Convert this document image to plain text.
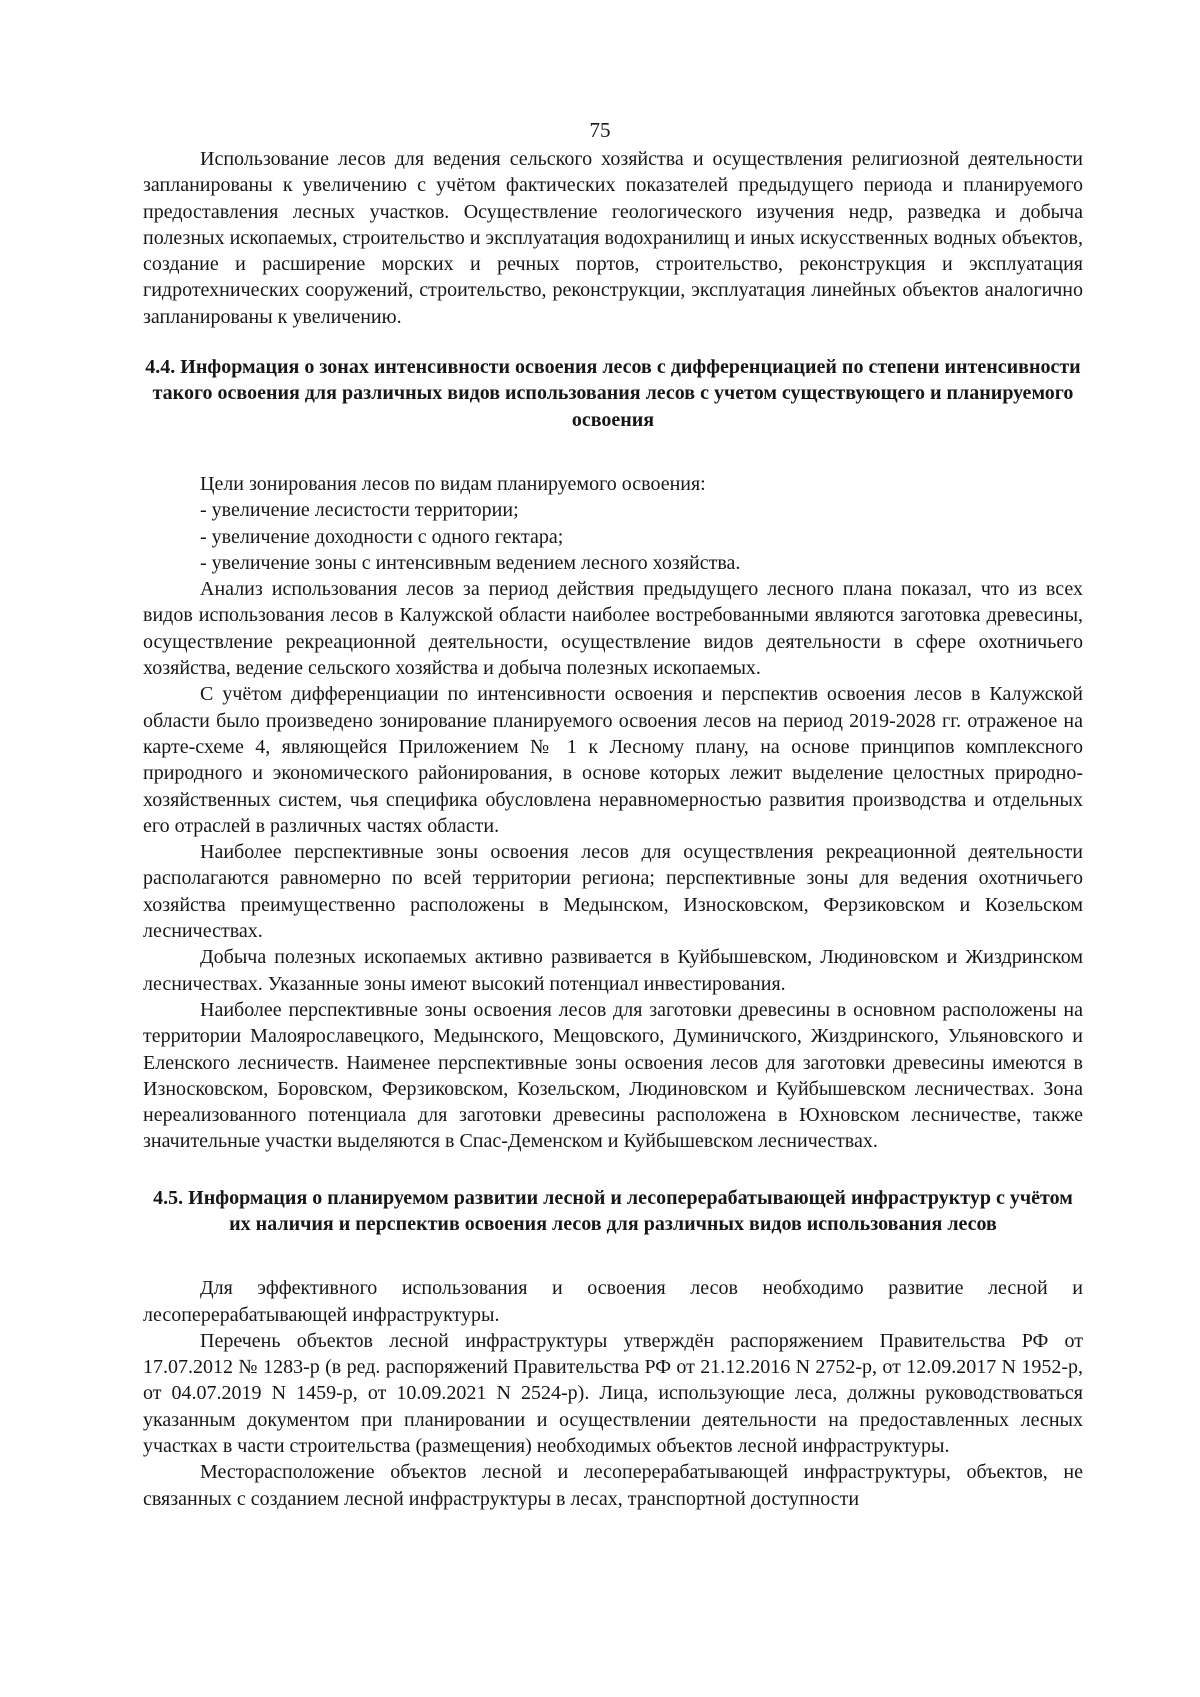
75

Использование лесов для ведения сельского хозяйства и осуществления религиозной деятельности запланированы к увеличению с учётом фактических показателей предыдущего периода и планируемого предоставления лесных участков. Осуществление геологического изучения недр, разведка и добыча полезных ископаемых, строительство и эксплуатация водохранилищ и иных искусственных водных объектов, создание и расширение морских и речных портов, строительство, реконструкция и эксплуатация гидротехнических сооружений, строительство, реконструкции, эксплуатация линейных объектов аналогично запланированы к увеличению.

4.4. Информация о зонах интенсивности освоения лесов с дифференциацией по степени интенсивности такого освоения для различных видов использования лесов с учетом существующего и планируемого освоения

Цели зонирования лесов по видам планируемого освоения:

- увеличение лесистости территории;

- увеличение доходности с одного гектара;

- увеличение зоны с интенсивным ведением лесного хозяйства.

Анализ использования лесов за период действия предыдущего лесного плана показал, что из всех видов использования лесов в Калужской области наиболее востребованными являются заготовка древесины, осуществление рекреационной деятельности, осуществление видов деятельности в сфере охотничьего хозяйства, ведение сельского хозяйства и добыча полезных ископаемых.

С учётом дифференциации по интенсивности освоения и перспектив освоения лесов в Калужской области было произведено зонирование планируемого освоения лесов на период 2019-2028 гг. отраженое на карте-схеме 4, являющейся Приложением № 1 к Лесному плану, на основе принципов комплексного природного и экономического районирования, в основе которых лежит выделение целостных природно-хозяйственных систем, чья специфика обусловлена неравномерностью развития производства и отдельных его отраслей в различных частях области.

Наиболее перспективные зоны освоения лесов для осуществления рекреационной деятельности располагаются равномерно по всей территории региона; перспективные зоны для ведения охотничьего хозяйства преимущественно расположены в Медынском, Износковском, Ферзиковском и Козельском лесничествах.

Добыча полезных ископаемых активно развивается в Куйбышевском, Людиновском и Жиздринском лесничествах. Указанные зоны имеют высокий потенциал инвестирования.

Наиболее перспективные зоны освоения лесов для заготовки древесины в основном расположены на территории Малоярославецкого, Медынского, Мещовского, Думиничского, Жиздринского, Ульяновского и Еленского лесничеств. Наименее перспективные зоны освоения лесов для заготовки древесины имеются в Износковском, Боровском, Ферзиковском, Козельском, Людиновском и Куйбышевском лесничествах. Зона нереализованного потенциала для заготовки древесины расположена в Юхновском лесничестве, также значительные участки выделяются в Спас-Деменском и Куйбышевском лесничествах.

4.5. Информация о планируемом развитии лесной и лесоперерабатывающей инфраструктур с учётом их наличия и перспектив освоения лесов для различных видов использования лесов

Для эффективного использования и освоения лесов необходимо развитие лесной и лесоперерабатывающей инфраструктуры.

Перечень объектов лесной инфраструктуры утверждён распоряжением Правительства РФ от 17.07.2012 № 1283-р (в ред. распоряжений Правительства РФ от 21.12.2016 N 2752-р, от 12.09.2017 N 1952-р, от 04.07.2019 N 1459-р, от 10.09.2021 N 2524-р). Лица, использующие леса, должны руководствоваться указанным документом при планировании и осуществлении деятельности на предоставленных лесных участках в части строительства (размещения) необходимых объектов лесной инфраструктуры.

Месторасположение объектов лесной и лесоперерабатывающей инфраструктуры, объектов, не связанных с созданием лесной инфраструктуры в лесах, транспортной доступности
